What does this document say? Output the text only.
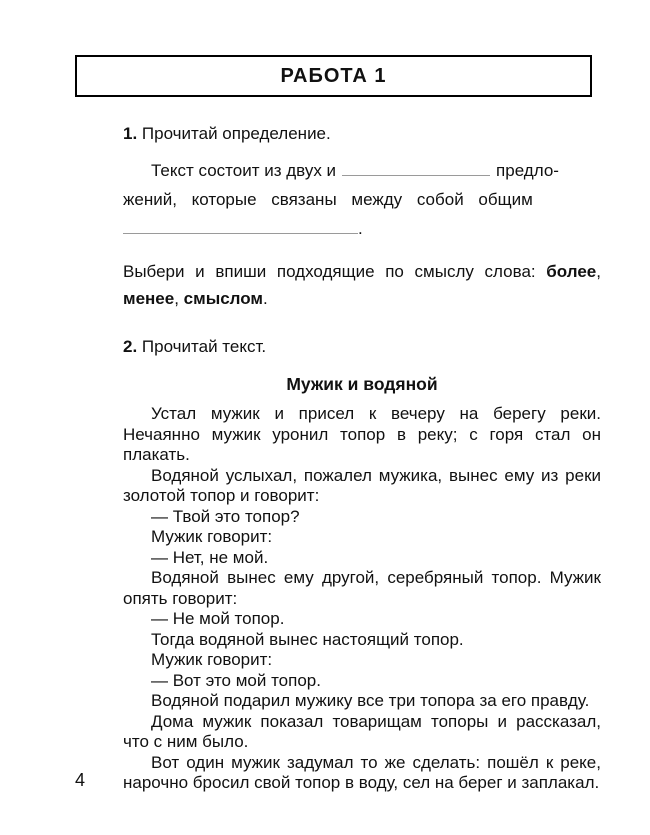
РАБОТА 1

1. Прочитай определение.

Текст состоит из двух и	предло-
жений, которые связаны между собой общим
.

Выбери и впиши подходящие по смыслу слова: более, менее, смыслом.

2. Прочитай текст.

Мужик и водяной

Устал мужик и присел к вечеру на берегу реки. Нечаянно мужик уронил топор в реку; с горя стал он плакать.

Водяной услыхал, пожалел мужика, вынес ему из реки золотой топор и говорит:

— Твой это топор?

Мужик говорит:

— Нет, не мой.

Водяной вынес ему другой, серебряный топор. Мужик опять говорит:

— Не мой топор.

Тогда водяной вынес настоящий топор.

Мужик говорит:

— Вот это мой топор.

Водяной подарил мужику все три топора за его правду.

Дома мужик показал товарищам топоры и рассказал, что с ним было.

Вот один мужик задумал то же сделать: пошёл к реке, нарочно бросил свой топор в воду, сел на берег и заплакал.

4
